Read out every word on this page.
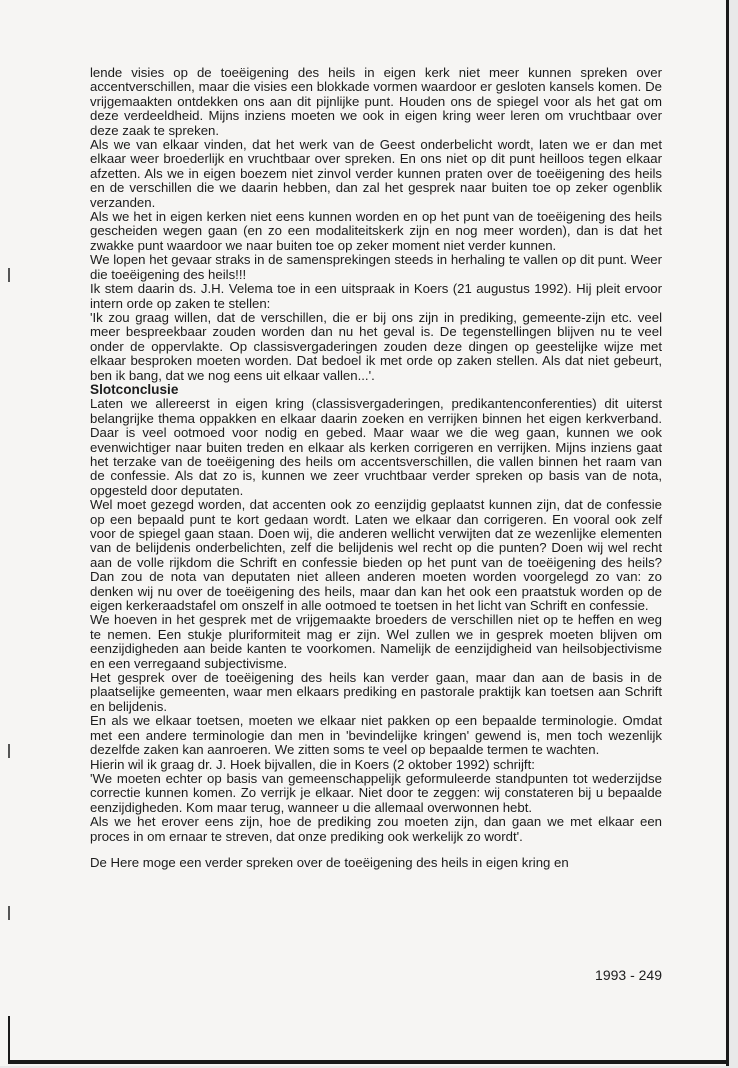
lende visies op de toeëigening des heils in eigen kerk niet meer kunnen spreken over accentverschillen, maar die visies een blokkade vormen waardoor er gesloten kansels komen. De vrijgemaakten ontdekken ons aan dit pijnlijke punt. Houden ons de spiegel voor als het gat om deze verdeeldheid. Mijns inziens moeten we ook in eigen kring weer leren om vruchtbaar over deze zaak te spreken.

Als we van elkaar vinden, dat het werk van de Geest onderbelicht wordt, laten we er dan met elkaar weer broederlijk en vruchtbaar over spreken. En ons niet op dit punt heilloos tegen elkaar afzetten. Als we in eigen boezem niet zinvol verder kunnen praten over de toeëigening des heils en de verschillen die we daarin hebben, dan zal het gesprek naar buiten toe op zeker ogenblik verzanden.

Als we het in eigen kerken niet eens kunnen worden en op het punt van de toeëigening des heils gescheiden wegen gaan (en zo een modaliteitskerk zijn en nog meer worden), dan is dat het zwakke punt waardoor we naar buiten toe op zeker moment niet verder kunnen.

We lopen het gevaar straks in de samensprekingen steeds in herhaling te vallen op dit punt. Weer die toeëigening des heils!!!

Ik stem daarin ds. J.H. Velema toe in een uitspraak in Koers (21 augustus 1992). Hij pleit ervoor intern orde op zaken te stellen:

'Ik zou graag willen, dat de verschillen, die er bij ons zijn in prediking, gemeente-zijn etc. veel meer bespreekbaar zouden worden dan nu het geval is. De tegenstellingen blijven nu te veel onder de oppervlakte. Op classisvergaderingen zouden deze dingen op geestelijke wijze met elkaar besproken moeten worden. Dat bedoel ik met orde op zaken stellen. Als dat niet gebeurt, ben ik bang, dat we nog eens uit elkaar vallen...'.

Slotconclusie

Laten we allereerst in eigen kring (classisvergaderingen, predikantenconferenties) dit uiterst belangrijke thema oppakken en elkaar daarin zoeken en verrijken binnen het eigen kerkverband. Daar is veel ootmoed voor nodig en gebed. Maar waar we die weg gaan, kunnen we ook evenwichtiger naar buiten treden en elkaar als kerken corrigeren en verrijken. Mijns inziens gaat het terzake van de toeëigening des heils om accentsverschillen, die vallen binnen het raam van de confessie. Als dat zo is, kunnen we zeer vruchtbaar verder spreken op basis van de nota, opgesteld door deputaten.

Wel moet gezegd worden, dat accenten ook zo eenzijdig geplaatst kunnen zijn, dat de confessie op een bepaald punt te kort gedaan wordt. Laten we elkaar dan corrigeren. En vooral ook zelf voor de spiegel gaan staan. Doen wij, die anderen wellicht verwijten dat ze wezenlijke elementen van de belijdenis onderbelichten, zelf die belijdenis wel recht op die punten? Doen wij wel recht aan de volle rijkdom die Schrift en confessie bieden op het punt van de toeëigening des heils? Dan zou de nota van deputaten niet alleen anderen moeten worden voorgelegd zo van: zo denken wij nu over de toeëigening des heils, maar dan kan het ook een praatstuk worden op de eigen kerkeraadstafel om onszelf in alle ootmoed te toetsen in het licht van Schrift en confessie.

We hoeven in het gesprek met de vrijgemaakte broeders de verschillen niet op te heffen en weg te nemen. Een stukje pluriformiteit mag er zijn. Wel zullen we in gesprek moeten blijven om eenzijdigheden aan beide kanten te voorkomen. Namelijk de eenzijdigheid van heilsobjectivisme en een verregaand subjectivisme.

Het gesprek over de toeëigening des heils kan verder gaan, maar dan aan de basis in de plaatselijke gemeenten, waar men elkaars prediking en pastorale praktijk kan toetsen aan Schrift en belijdenis.

En als we elkaar toetsen, moeten we elkaar niet pakken op een bepaalde terminologie. Omdat met een andere terminologie dan men in 'bevindelijke kringen' gewend is, men toch wezenlijk dezelfde zaken kan aanroeren. We zitten soms te veel op bepaalde termen te wachten.

Hierin wil ik graag dr. J. Hoek bijvallen, die in Koers (2 oktober 1992) schrijft:

'We moeten echter op basis van gemeenschappelijk geformuleerde standpunten tot wederzijdse correctie kunnen komen. Zo verrijk je elkaar. Niet door te zeggen: wij constateren bij u bepaalde eenzijdigheden. Kom maar terug, wanneer u die allemaal overwonnen hebt.

Als we het erover eens zijn, hoe de prediking zou moeten zijn, dan gaan we met elkaar een proces in om ernaar te streven, dat onze prediking ook werkelijk zo wordt'.

De Here moge een verder spreken over de toeëigening des heils in eigen kring en

1993 - 249
